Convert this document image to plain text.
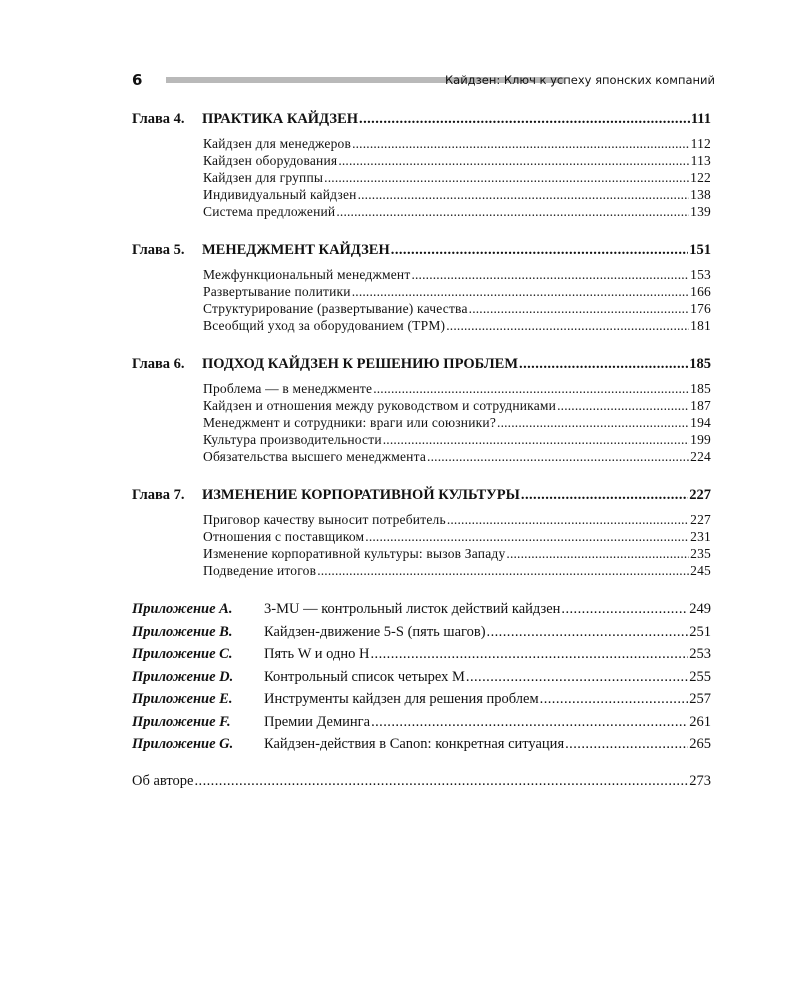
6	Кайдзен: Ключ к успеху японских компаний
Глава 4.	ПРАКТИКА КАЙДЗЕН . . .	111
Кайдзен для менеджеров . . .	112
Кайдзен оборудования . . .	113
Кайдзен для группы . . .	122
Индивидуальный кайдзен . . .	138
Система предложений . . .	139
Глава 5.	МЕНЕДЖМЕНТ КАЙДЗЕН . . .	151
Межфункциональный менеджмент . . .	153
Развертывание политики . . .	166
Структурирование (развертывание) качества . . .	176
Всеобщий уход за оборудованием (TPM) . . .	181
Глава 6.	ПОДХОД КАЙДЗЕН К РЕШЕНИЮ ПРОБЛЕМ . . .	185
Проблема — в менеджменте . . .	185
Кайдзен и отношения между руководством и сотрудниками . . .	187
Менеджмент и сотрудники: враги или союзники? . . .	194
Культура производительности . . .	199
Обязательства высшего менеджмента . . .	224
Глава 7.	ИЗМЕНЕНИЕ КОРПОРАТИВНОЙ КУЛЬТУРЫ . . .	227
Приговор качеству выносит потребитель . . .	227
Отношения с поставщиком . . .	231
Изменение корпоративной культуры: вызов Западу . . .	235
Подведение итогов . . .	245
Приложение A.	3-MU — контрольный листок действий кайдзен . . .	249
Приложение B.	Кайдзен-движение 5-S (пять шагов) . . .	251
Приложение C.	Пять W и одно H . . .	253
Приложение D.	Контрольный список четырех M . . .	255
Приложение E.	Инструменты кайдзен для решения проблем . . .	257
Приложение F.	Премии Деминга . . .	261
Приложение G.	Кайдзен-действия в Canon: конкретная ситуация . . .	265
Об авторе . . .	273
